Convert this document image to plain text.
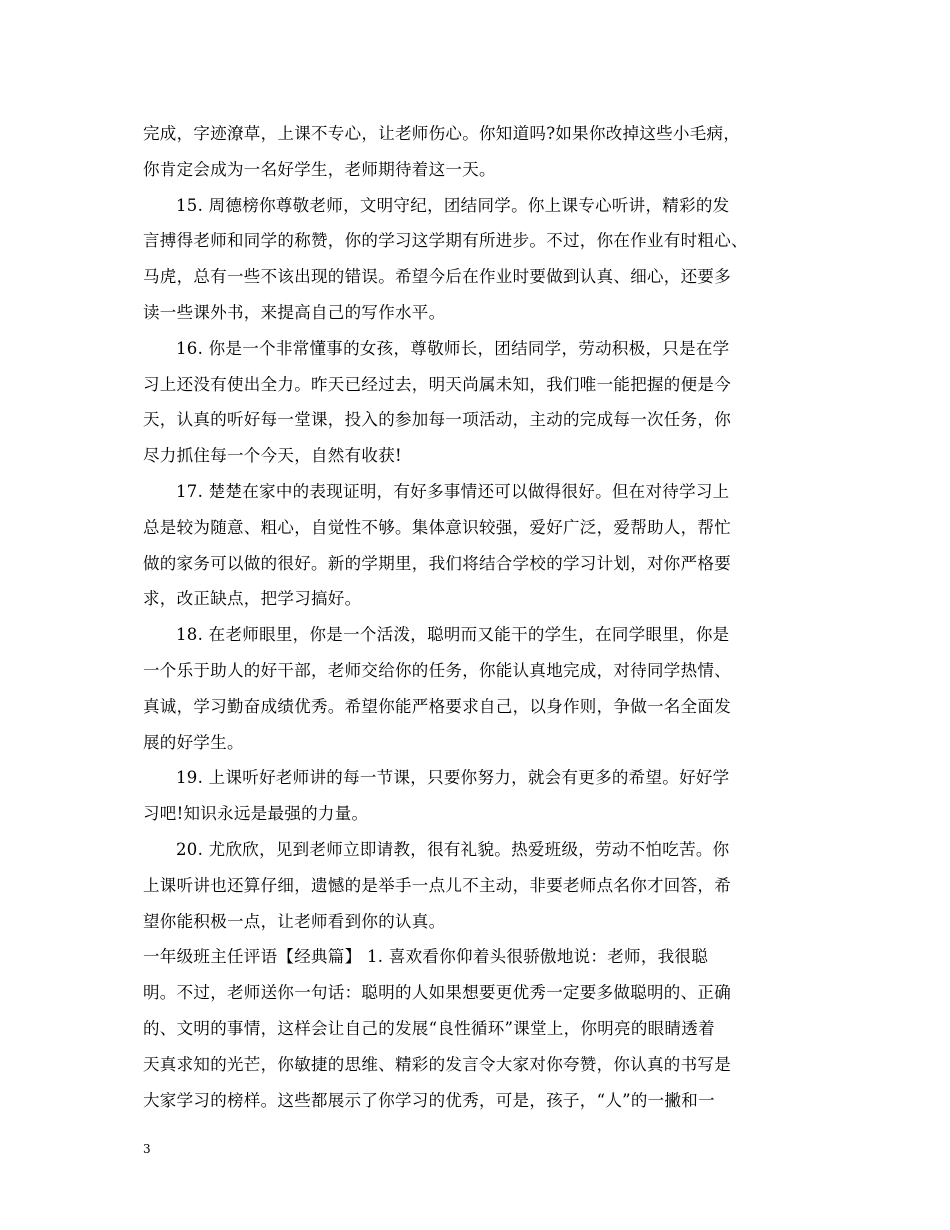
完成，字迹潦草，上课不专心，让老师伤心。你知道吗?如果你改掉这些小毛病，
你肯定会成为一名好学生，老师期待着这一天。
15. 周德榜你尊敬老师，文明守纪，团结同学。你上课专心听讲，精彩的发
言搏得老师和同学的称赞，你的学习这学期有所进步。不过，你在作业有时粗心、
马虎，总有一些不该出现的错误。希望今后在作业时要做到认真、细心，还要多
读一些课外书，来提高自己的写作水平。
16. 你是一个非常懂事的女孩，尊敬师长，团结同学，劳动积极，只是在学
习上还没有使出全力。昨天已经过去，明天尚属未知，我们唯一能把握的便是今
天，认真的听好每一堂课，投入的参加每一项活动，主动的完成每一次任务，你
尽力抓住每一个今天，自然有收获!
17. 楚楚在家中的表现证明，有好多事情还可以做得很好。但在对待学习上
总是较为随意、粗心，自觉性不够。集体意识较强，爱好广泛，爱帮助人，帮忙
做的家务可以做的很好。新的学期里，我们将结合学校的学习计划，对你严格要
求，改正缺点，把学习搞好。
18. 在老师眼里，你是一个活泼，聪明而又能干的学生，在同学眼里，你是
一个乐于助人的好干部，老师交给你的任务，你能认真地完成，对待同学热情、
真诚，学习勤奋成绩优秀。希望你能严格要求自己，以身作则，争做一名全面发
展的好学生。
19. 上课听好老师讲的每一节课，只要你努力，就会有更多的希望。好好学
习吧!知识永远是最强的力量。
20. 尤欣欣，见到老师立即请教，很有礼貌。热爱班级，劳动不怕吃苦。你
上课听讲也还算仔细，遗憾的是举手一点儿不主动，非要老师点名你才回答，希
望你能积极一点，让老师看到你的认真。
一年级班主任评语【经典篇】 1. 喜欢看你仰着头很骄傲地说：老师，我很聪
明。不过，老师送你一句话：聪明的人如果想要更优秀一定要多做聪明的、正确
的、文明的事情，这样会让自己的发展“良性循环”课堂上，你明亮的眼睛透着
天真求知的光芒，你敏捷的思维、精彩的发言令大家对你夸赞，你认真的书写是
大家学习的榜样。这些都展示了你学习的优秀，可是，孩子，“人”的一撇和一
3
